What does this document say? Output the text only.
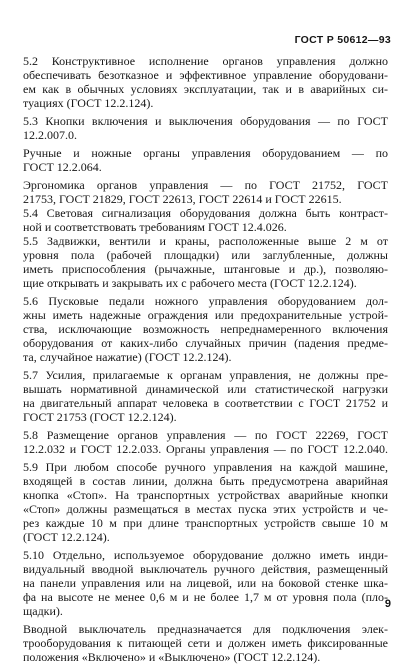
ГОСТ Р 50612—93
5.2 Конструктивное исполнение органов управления должно
обеспечивать безотказное и эффективное управление оборудовани-
ем как в обычных условиях эксплуатации, так и в аварийных си-
туациях (ГОСТ 12.2.124).
5.3 Кнопки включения и выключения оборудования — по ГОСТ
12.2.007.0.
Ручные и ножные органы управления оборудованием — по
ГОСТ 12.2.064.
Эргономика органов управления — по ГОСТ 21752, ГОСТ
21753, ГОСТ 21829, ГОСТ 22613, ГОСТ 22614 и ГОСТ 22615.
5.4 Световая сигнализация оборудования должна быть контраст-
ной и соответствовать требованиям ГОСТ 12.4.026.
5.5 Задвижки, вентили и краны, расположенные выше 2 м от
уровня пола (рабочей площадки) или заглубленные, должны
иметь приспособления (рычажные, штанговые и др.), позволяю-
щие открывать и закрывать их с рабочего места (ГОСТ 12.2.124).
5.6 Пусковые педали ножного управления оборудованием дол-
жны иметь надежные ограждения или предохранительные устрой-
ства, исключающие возможность непреднамеренного включения
оборудования от каких-либо случайных причин (падения предме-
та, случайное нажатие) (ГОСТ 12.2.124).
5.7 Усилия, прилагаемые к органам управления, не должны пре-
вышать нормативной динамической или статистической нагрузки
на двигательный аппарат человека в соответствии с ГОСТ 21752 и
ГОСТ 21753 (ГОСТ 12.2.124).
5.8 Размещение органов управления — по ГОСТ 22269, ГОСТ
12.2.032 и ГОСТ 12.2.033. Органы управления — по ГОСТ 12.2.040.
5.9 При любом способе ручного управления на каждой машине,
входящей в состав линии, должна быть предусмотрена аварийная
кнопка «Стоп». На транспортных устройствах аварийные кнопки
«Стоп» должны размещаться в местах пуска этих устройств и че-
рез каждые 10 м при длине транспортных устройств свыше 10 м
(ГОСТ 12.2.124).
5.10 Отдельно, используемое оборудование должно иметь инди-
видуальный вводной выключатель ручного действия, размещенный
на панели управления или на лицевой, или на боковой стенке шка-
фа на высоте не менее 0,6 м и не более 1,7 м от уровня пола (пло-
щадки).
Вводной выключатель предназначается для подключения элек-
трооборудования к питающей сети и должен иметь фиксированные
положения «Включено» и «Выключено» (ГОСТ 12.2.124).
9
